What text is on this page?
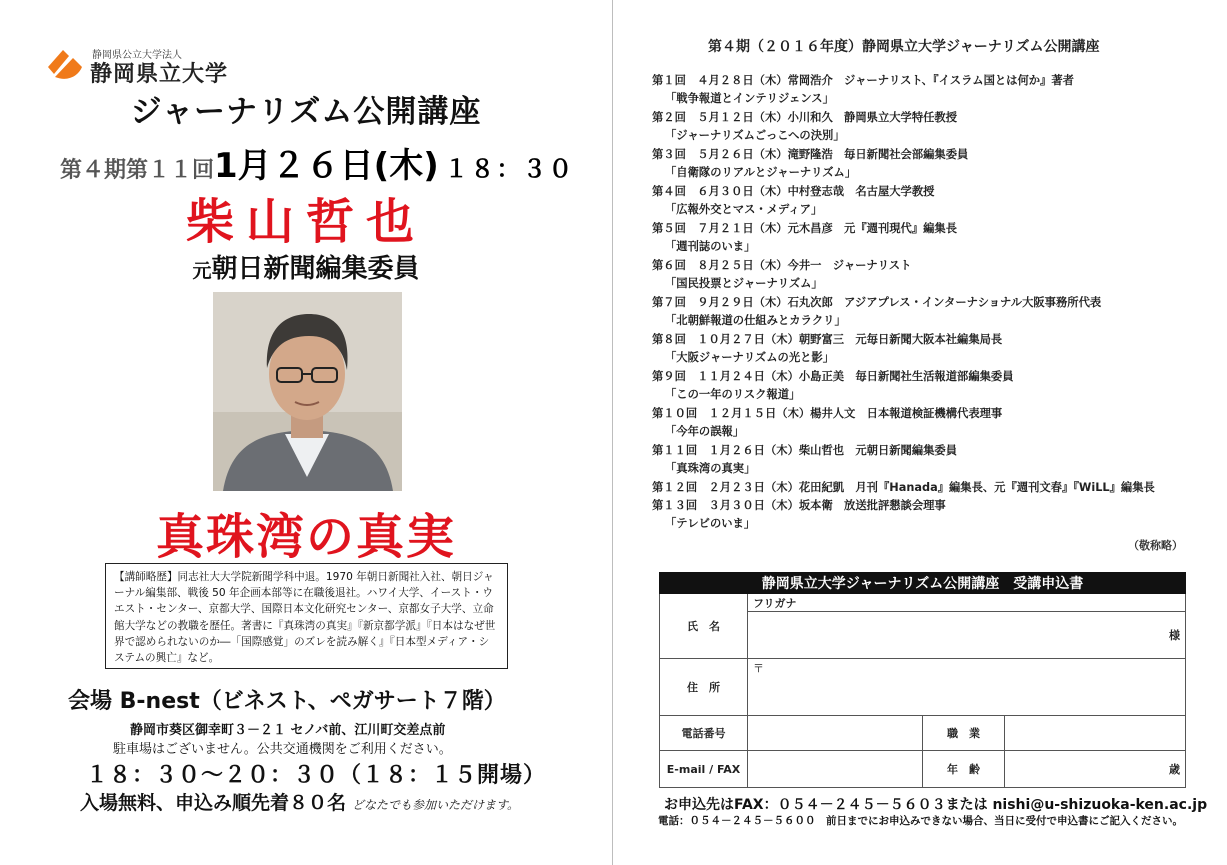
静岡県公立大学法人
静岡県立大学
ジャーナリズム公開講座
第４期第１１回1月２６日(木) １８：３０
柴山哲也
元朝日新聞編集委員
真珠湾の真実
【講師略歴】同志社大大学院新聞学科中退。1970 年朝日新聞社入社、朝日ジャーナル編集部、戦後 50 年企画本部等に在職後退社。ハワイ大学、イースト・ウエスト・センター、京都大学、国際日本文化研究センター、京都女子大学、立命館大学などの教職を歴任。著書に『真珠湾の真実』『新京都学派』『日本はなぜ世界で認められないのか―「国際感覚」のズレを読み解く』『日本型メディア・システムの興亡』など。
会場 B-nest（ビネスト、ペガサート７階）
静岡市葵区御幸町３－２１ セノバ前、江川町交差点前
駐車場はございません。公共交通機関をご利用ください。
１８：３０～２０：３０（１８：１５開場）
入場無料、申込み順先着８０名 どなたでも参加いただけます。
第４期（２０１６年度）静岡県立大学ジャーナリズム公開講座
第１回　４月２８日（木）常岡浩介　ジャーナリスト、『イスラム国とは何か』著者
「戦争報道とインテリジェンス」
第２回　５月１２日（木）小川和久　静岡県立大学特任教授
「ジャーナリズムごっこへの決別」
第３回　５月２６日（木）滝野隆浩　毎日新聞社会部編集委員
「自衛隊のリアルとジャーナリズム」
第４回　６月３０日（木）中村登志哉　名古屋大学教授
「広報外交とマス・メディア」
第５回　７月２１日（木）元木昌彦　元『週刊現代』編集長
「週刊誌のいま」
第６回　８月２５日（木）今井一　ジャーナリスト
「国民投票とジャーナリズム」
第７回　９月２９日（木）石丸次郎　アジアプレス・インターナショナル大阪事務所代表
「北朝鮮報道の仕組みとカラクリ」
第８回　１０月２７日（木）朝野富三　元毎日新聞大阪本社編集局長
「大阪ジャーナリズムの光と影」
第９回　１１月２４日（木）小島正美　毎日新聞社生活報道部編集委員
「この一年のリスク報道」
第１０回　１２月１５日（木）楊井人文　日本報道検証機構代表理事
「今年の誤報」
第１１回　１月２６日（木）柴山哲也　元朝日新聞編集委員
「真珠湾の真実」
第１２回　２月２３日（木）花田紀凱　月刊『Hanada』編集長、元『週刊文春』『WiLL』編集長
第１３回　３月３０日（木）坂本衛　放送批評懇談会理事
「テレビのいま」
（敬称略）
静岡県立大学ジャーナリズム公開講座　受講申込書			
氏　名	フリガナ		
	様		
住　所	〒		
電話番号		職　業	
E-mail / FAX		年　齢	歳
お申込先はFAX：０５４－２４５－５６０３または nishi@u-shizuoka-ken.ac.jp
電話：０５４－２４５－５６００　前日までにお申込みできない場合、当日に受付で申込書にご記入ください。
